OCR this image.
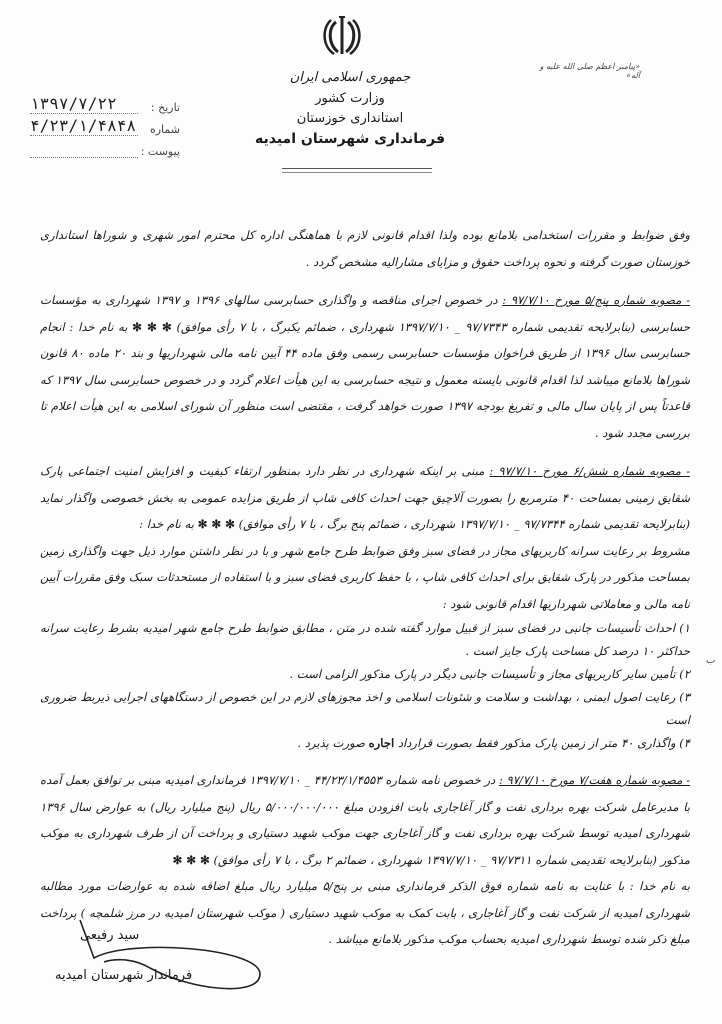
جمهوری اسلامی ایران
وزارت کشور
استانداری خوزستان
فرمانداری شهرستان امیدیه
«پیامبر اعظم صلی الله علیه و آله»
تاریخ :
۱۳۹۷/۷/۲۲
شماره
۴/۲۳/۱/۴۸۴۸
پیوست :

وفق ضوابط و مقررات استخدامی بلامانع بوده ولذا اقدام قانونی لازم با هماهنگی اداره کل محترم امور شهری و شوراها استانداری خوزستان صورت گرفته و نحوه پرداخت حقوق و مزایای مشارالیه مشخص گردد .

- مصوبه شماره پنج/۵ مورخ ۹۷/۷/۱۰ : در خصوص اجرای مناقصه و واگذاری حسابرسی سالهای ۱۳۹۶ و ۱۳۹۷ شهرداری به مؤسسات حسابرسی (بنابرلایحه تقدیمی شماره ۹۷/۷۳۴۳ _ ۱۳۹۷/۷/۱۰ شهرداری ، ضمائم یکبرگ ، با ۷ رأی موافق) ✻ ✻ ✻ به نام خدا : انجام حسابرسی سال ۱۳۹۶ از طریق فراخوان مؤسسات حسابرسی رسمی وفق ماده ۴۴ آیین نامه مالی شهرداریها و بند ۲۰ ماده ۸۰ قانون شوراها بلامانع میباشد لذا اقدام قانونی بایسته معمول و نتیجه حسابرسی به این هیأت اعلام گردد و در خصوص حسابرسی سال ۱۳۹۷ که قاعدتاً پس از پایان سال مالی و تفریغ بودجه ۱۳۹۷ صورت خواهد گرفت ، مقتضی است منظور آن شورای اسلامی به این هیأت اعلام تا بررسی مجدد شود .

- مصوبه شماره شش/۶ مورخ ۹۷/۷/۱۰ : مبنی بر اینکه شهرداری در نظر دارد بمنظور ارتقاء کیفیت و افزایش امنیت اجتماعی پارک شقایق زمینی بمساحت ۴۰ مترمربع را بصورت آلاچیق جهت احداث کافی شاپ از طریق مزایده عمومی به بخش خصوصی واگذار نماید (بنابرلایحه تقدیمی شماره ۹۷/۷۳۴۴ _ ۱۳۹۷/۷/۱۰ شهرداری ، ضمائم پنج برگ ، با ۷ رأی موافق) ✻ ✻ ✻ به نام خدا :

مشروط بر رعایت سرانه کاربریهای مجاز در فضای سبز وفق ضوابط طرح جامع شهر و با در نظر داشتن موارد ذیل جهت واگذاری زمین بمساحت مذکور در پارک شقایق برای احداث کافی شاپ ، با حفظ کاربری فضای سبز و با استفاده از مستحدثات سبک وفق مقررات آیین نامه مالی و معاملاتی شهرداریها اقدام قانونی شود :

۱) احداث تأسیسات جانبی در فضای سبز از قبیل موارد گفته شده در متن ، مطابق ضوابط طرح جامع شهر امیدیه بشرط رعایت سرانه حداکثر ۱۰ درصد کل مساحت پارک جایز است .

۲) تأمین سایر کاربریهای مجاز و تأسیسات جانبی دیگر در پارک مذکور الزامی است .

۳) رعایت اصول ایمنی ، بهداشت و سلامت و شئونات اسلامی و اخذ مجوزهای لازم در این خصوص از دستگاههای اجرایی ذیربط ضروری است

۴) واگذاری ۴۰ متر از زمین پارک مذکور فقط بصورت قرارداد اجاره صورت پذیرد .

- مصوبه شماره هفت/۷ مورخ ۹۷/۷/۱۰ : در خصوص نامه شماره ۴۴/۲۳/۱/۴۵۵۳ _ ۱۳۹۷/۷/۱۰ فرمانداری امیدیه مبنی بر توافق بعمل آمده با مدیرعامل شرکت بهره برداری نفت و گاز آغاجاری بابت افزودن مبلغ ۵/۰۰۰/۰۰۰/۰۰۰ ریال (پنج میلیارد ریال) به عوارض سال ۱۳۹۶ شهرداری امیدیه توسط شرکت بهره برداری نفت و گاز آغاجاری جهت موکب شهید دستیاری و پرداخت آن از طرف شهرداری به موکب مذکور (بنابرلایحه تقدیمی شماره ۹۷/۷۳۱۱ _ ۱۳۹۷/۷/۱۰ شهرداری ، ضمائم ۲ برگ ، با ۷ رأی موافق) ✻ ✻ ✻

به نام خدا : با عنایت به نامه شماره فوق الذکر فرمانداری مبنی بر پنج/۵ میلیارد ریال مبلغ اضافه شده به عوارضات مورد مطالبه شهرداری امیدیه از شرکت نفت و گاز آغاجاری ، بابت کمک به موکب شهید دستیاری ( موکب شهرستان امیدیه در مرز شلمچه ) پرداخت مبلغ ذکر شده توسط شهرداری امیدیه بحساب موکب مذکور بلامانع میباشد .

سید رفیعی
فرماندار شهرستان امیدیه
ب
